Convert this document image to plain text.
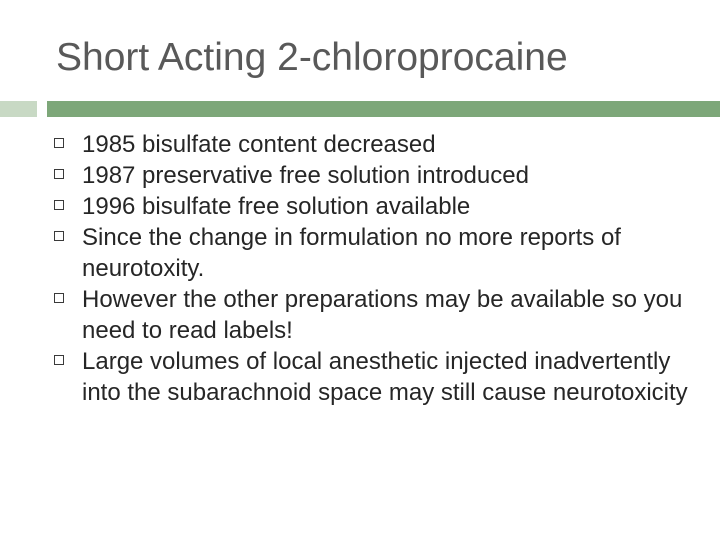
Short Acting 2-chloroprocaine
1985 bisulfate content decreased
1987 preservative free solution introduced
1996 bisulfate free solution available
Since the change in formulation no more reports of neurotoxity.
However the other preparations may be available so you need to read labels!
Large volumes of local anesthetic injected inadvertently into the subarachnoid space may still cause neurotoxicity
